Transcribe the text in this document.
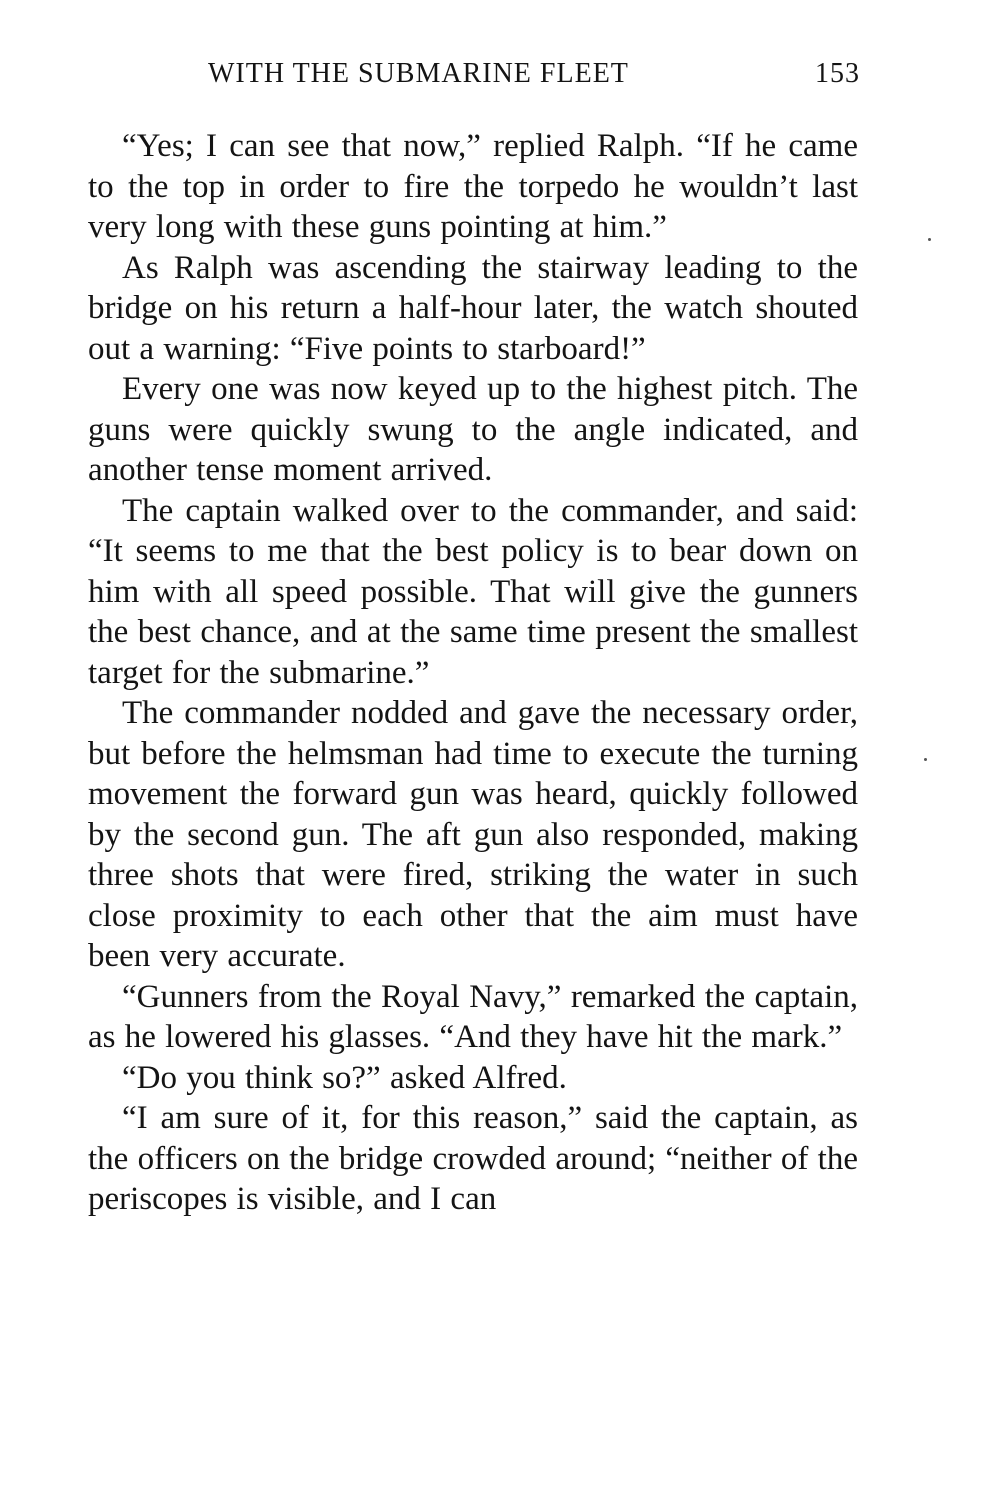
WITH THE SUBMARINE FLEET	153

“Yes; I can see that now,” replied Ralph. “If he came to the top in order to fire the torpedo he wouldn’t last very long with these guns pointing at him.”

As Ralph was ascending the stairway leading to the bridge on his return a half-hour later, the watch shouted out a warning: “Five points to starboard!”

Every one was now keyed up to the highest pitch. The guns were quickly swung to the angle indicated, and another tense moment arrived.

The captain walked over to the commander, and said: “It seems to me that the best policy is to bear down on him with all speed possible. That will give the gunners the best chance, and at the same time present the smallest target for the submarine.”

The commander nodded and gave the necessary order, but before the helmsman had time to execute the turning movement the forward gun was heard, quickly followed by the second gun. The aft gun also responded, making three shots that were fired, striking the water in such close proximity to each other that the aim must have been very accurate.

“Gunners from the Royal Navy,” remarked the captain, as he lowered his glasses. “And they have hit the mark.”

“Do you think so?” asked Alfred.

“I am sure of it, for this reason,” said the captain, as the officers on the bridge crowded around; “neither of the periscopes is visible, and I can
